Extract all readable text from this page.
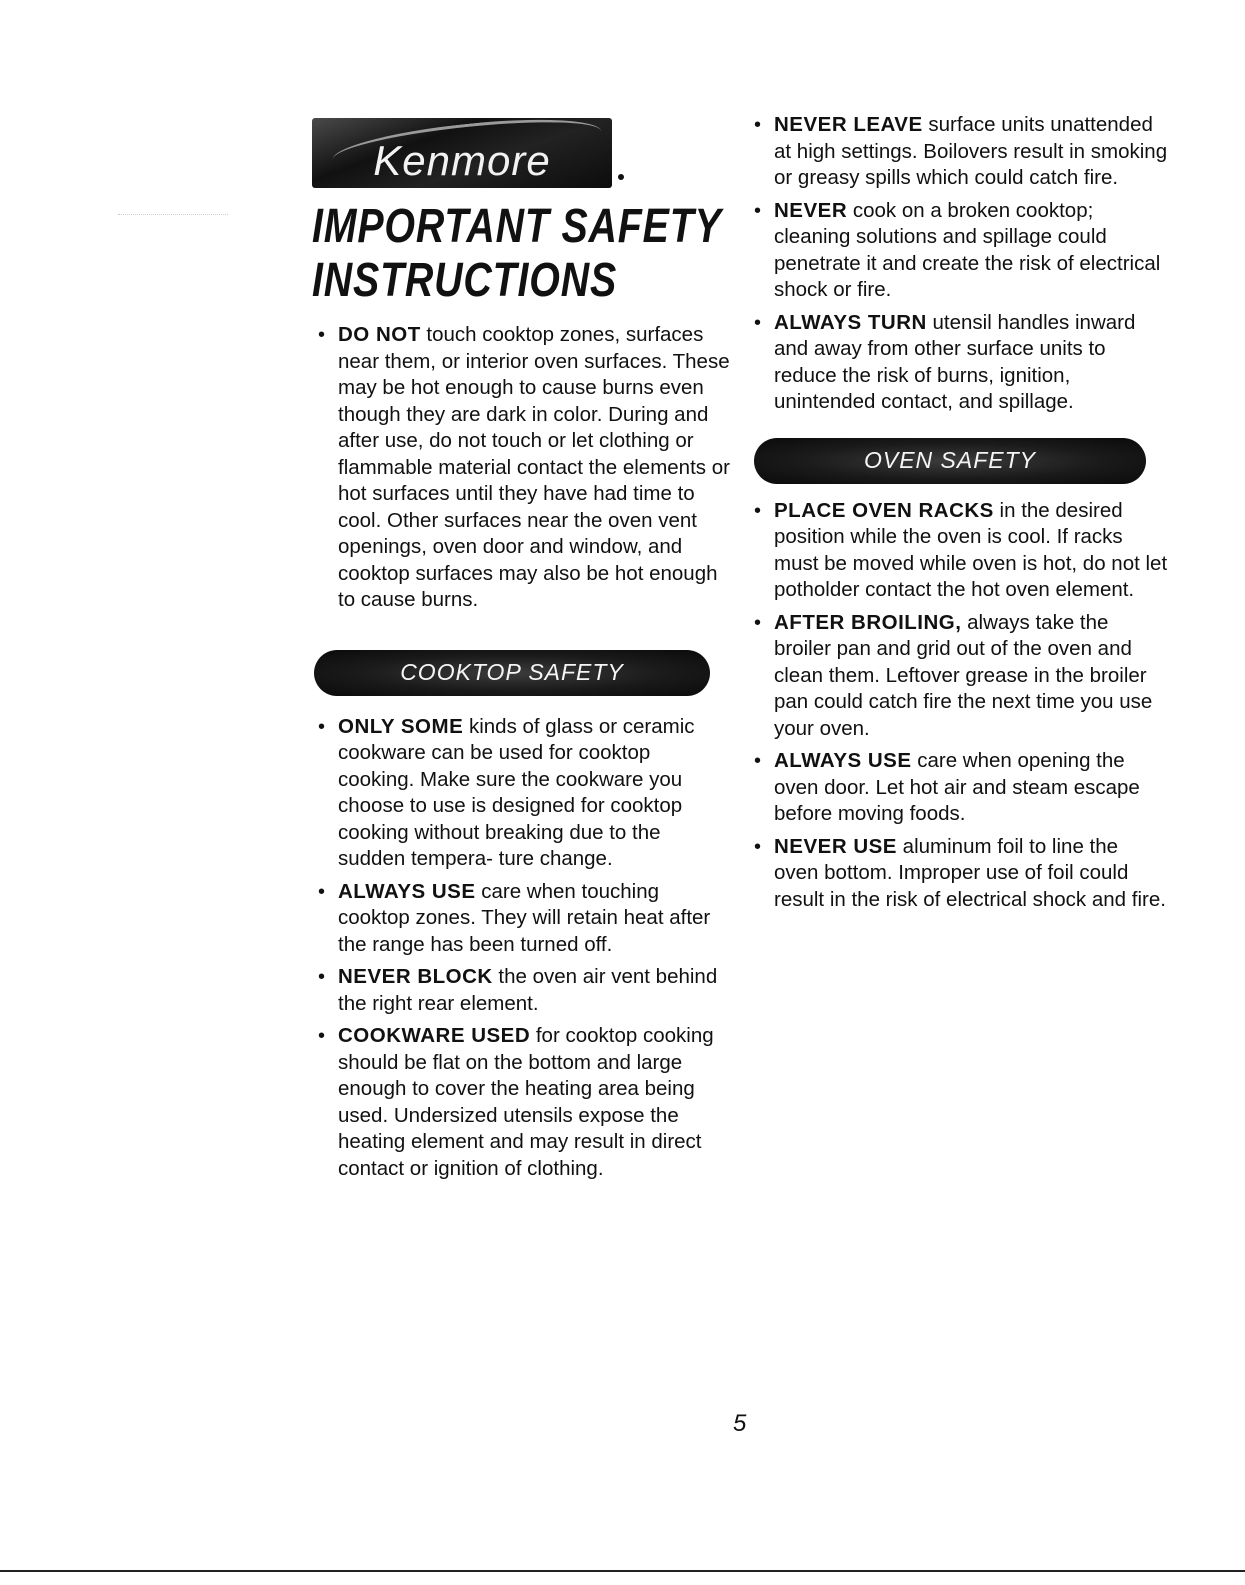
Kenmore
IMPORTANT SAFETY
INSTRUCTIONS
• DO NOT touch cooktop zones, surfaces near them, or interior oven surfaces. These may be hot enough to cause burns even though they are dark in color. During and after use, do not touch or let clothing or flammable material contact the elements or hot surfaces until they have had time to cool. Other surfaces near the oven vent openings, oven door and window, and cooktop surfaces may also be hot enough to cause burns.
COOKTOP SAFETY
• ONLY SOME kinds of glass or ceramic cookware can be used for cooktop cooking. Make sure the cookware you choose to use is designed for cooktop cooking without breaking due to the sudden tempera- ture change.
• ALWAYS USE care when touching cooktop zones. They will retain heat after the range has been turned off.
• NEVER BLOCK the oven air vent behind the right rear element.
• COOKWARE USED for cooktop cooking should be flat on the bottom and large enough to cover the heating area being used. Undersized utensils expose the heating element and may result in direct contact or ignition of clothing.
• NEVER LEAVE surface units unattended at high settings. Boilovers result in smoking or greasy spills which could catch fire.
• NEVER cook on a broken cooktop; cleaning solutions and spillage could penetrate it and create the risk of electrical shock or fire.
• ALWAYS TURN utensil handles inward and away from other surface units to reduce the risk of burns, ignition, unintended contact, and spillage.
OVEN SAFETY
• PLACE OVEN RACKS in the desired position while the oven is cool. If racks must be moved while oven is hot, do not let potholder contact the hot oven element.
• AFTER BROILING, always take the broiler pan and grid out of the oven and clean them. Leftover grease in the broiler pan could catch fire the next time you use your oven.
• ALWAYS USE care when opening the oven door. Let hot air and steam escape before moving foods.
• NEVER USE aluminum foil to line the oven bottom. Improper use of foil could result in the risk of electrical shock and fire.
5
